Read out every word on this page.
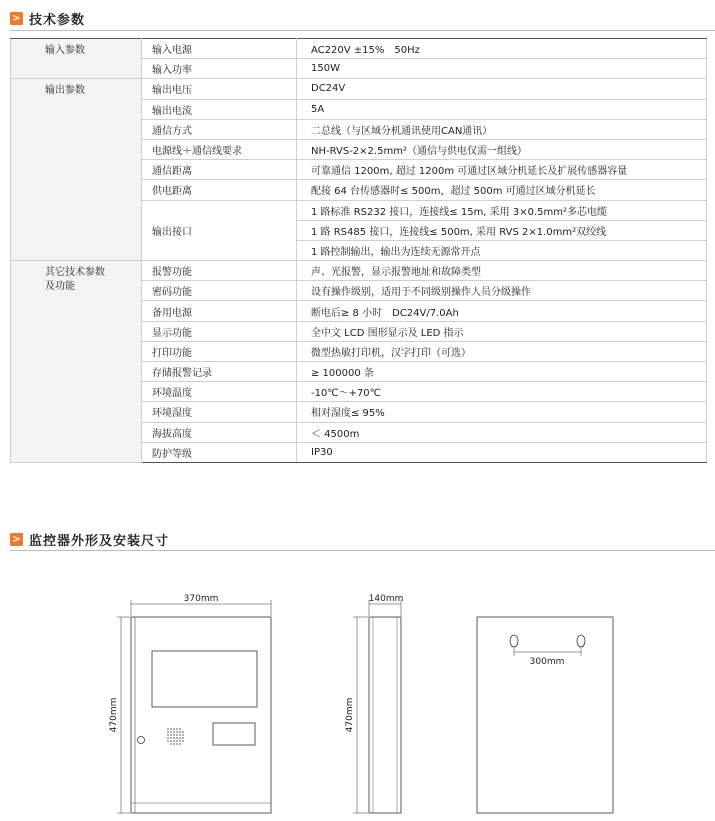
> 技术参数
输入参数	输入电源	AC220V ±15%　50Hz
	输入功率	150W
输出参数	输出电压	DC24V
	输出电流	5A
	通信方式	二总线（与区域分机通讯使用CAN通讯）
	电源线＋通信线要求	NH-RVS-2×2.5mm²（通信与供电仅需一组线）
	通信距离	可靠通信 1200m, 超过 1200m 可通过区域分机延长及扩展传感器容量
	供电距离	配接 64 台传感器时≤ 500m，超过 500m 可通过区域分机延长
	输出接口	1 路标准 RS232 接口，连接线≤ 15m, 采用 3×0.5mm²多芯电缆
		1 路 RS485 接口，连接线≤ 500m, 采用 RVS 2×1.0mm²双绞线
		1 路控制输出，输出为连续无源常开点
其它技术参数
及功能	报警功能	声、光报警，显示报警地址和故障类型
	密码功能	设有操作级别，适用于不同级别操作人员分级操作
	备用电源	断电后≥ 8 小时　DC24V/7.0Ah
	显示功能	全中文 LCD 图形显示及 LED 指示
	打印功能	微型热敏打印机，汉字打印（可选）
	存储报警记录	≥ 100000 条
	环境温度	-10℃～+70℃
	环境湿度	相对湿度≤ 95%
	海拔高度	＜ 4500m
	防护等级	IP30
> 监控器外形及安装尺寸
370mm
470mm
140mm
470mm
300mm
